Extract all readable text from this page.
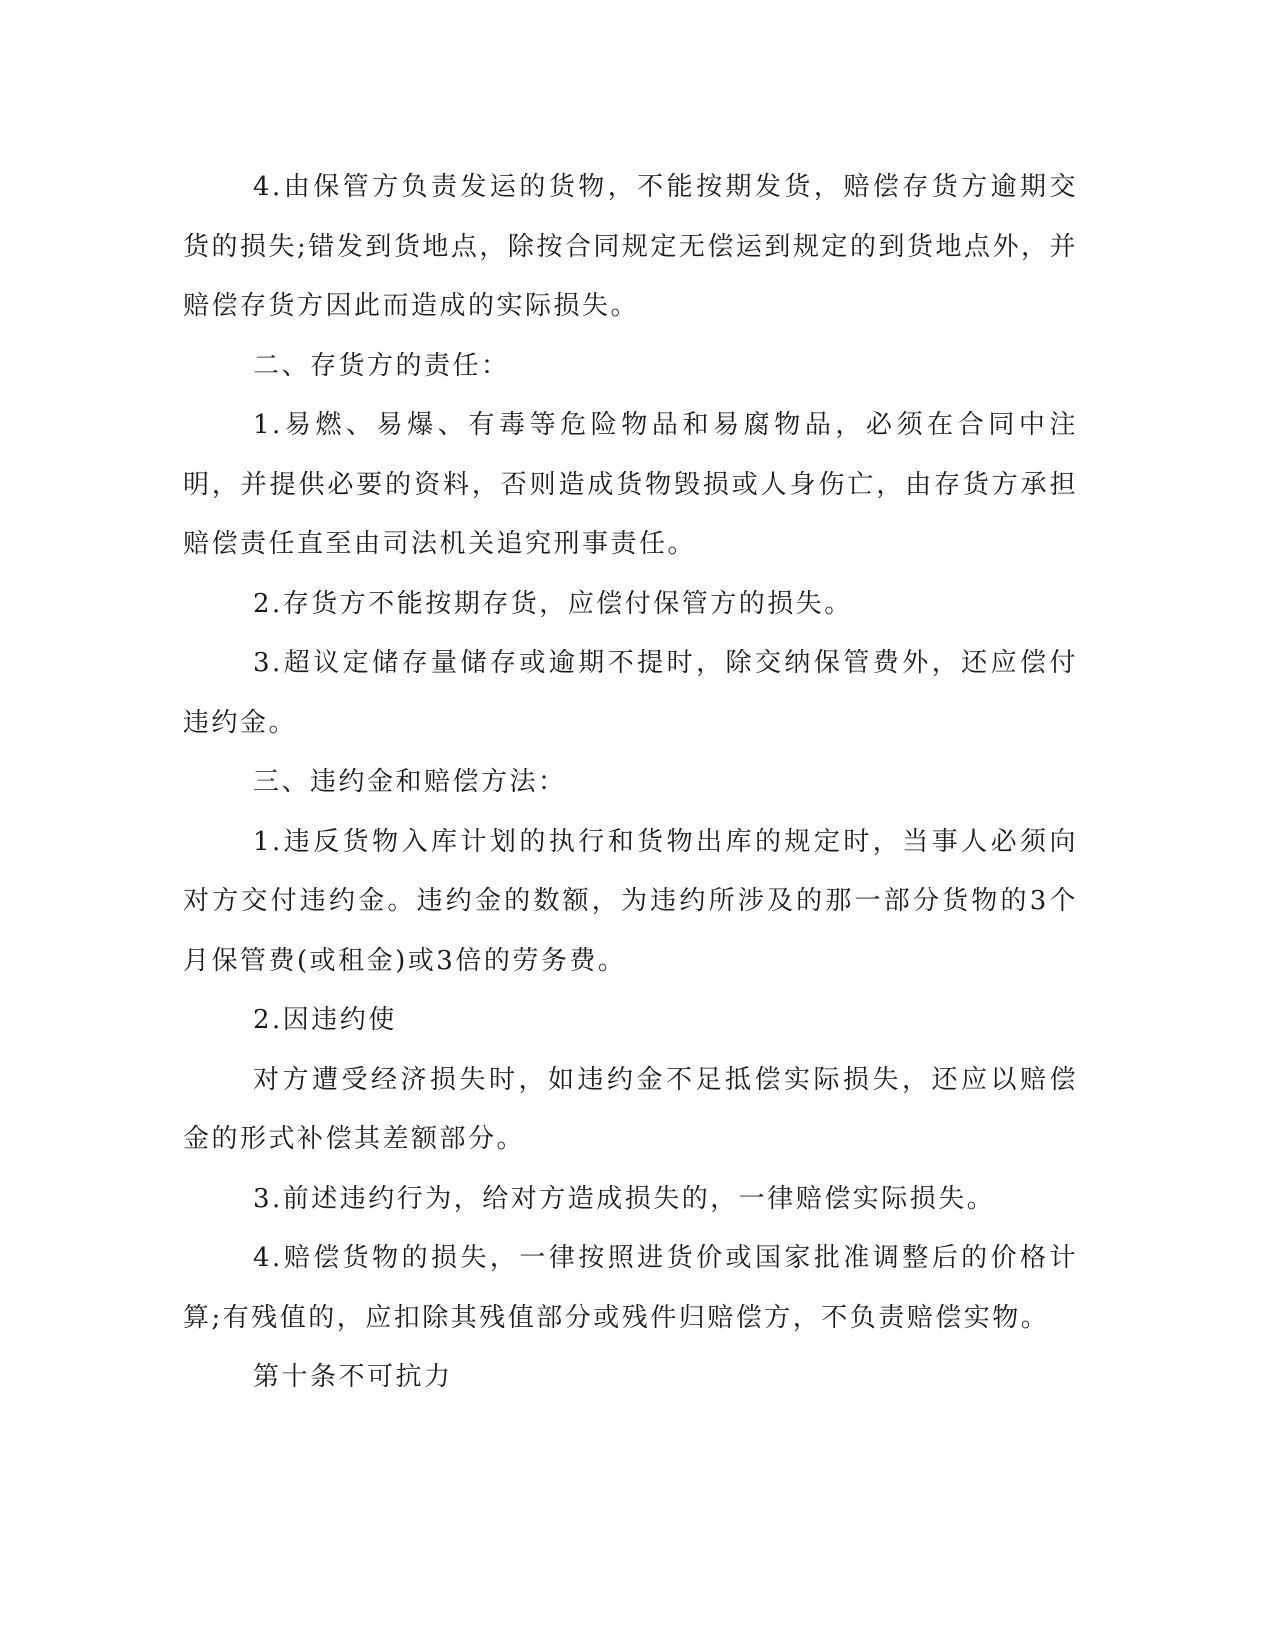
4.由保管方负责发运的货物，不能按期发货，赔偿存货方逾期交货的损失;错发到货地点，除按合同规定无偿运到规定的到货地点外，并赔偿存货方因此而造成的实际损失。

二、存货方的责任：

1.易燃、易爆、有毒等危险物品和易腐物品，必须在合同中注明，并提供必要的资料，否则造成货物毁损或人身伤亡，由存货方承担赔偿责任直至由司法机关追究刑事责任。

2.存货方不能按期存货，应偿付保管方的损失。

3.超议定储存量储存或逾期不提时，除交纳保管费外，还应偿付违约金。

三、违约金和赔偿方法：

1.违反货物入库计划的执行和货物出库的规定时，当事人必须向对方交付违约金。违约金的数额，为违约所涉及的那一部分货物的3个月保管费(或租金)或3倍的劳务费。

2.因违约使

对方遭受经济损失时，如违约金不足抵偿实际损失，还应以赔偿金的形式补偿其差额部分。

3.前述违约行为，给对方造成损失的，一律赔偿实际损失。

4.赔偿货物的损失，一律按照进货价或国家批准调整后的价格计算;有残值的，应扣除其残值部分或残件归赔偿方，不负责赔偿实物。

第十条不可抗力
